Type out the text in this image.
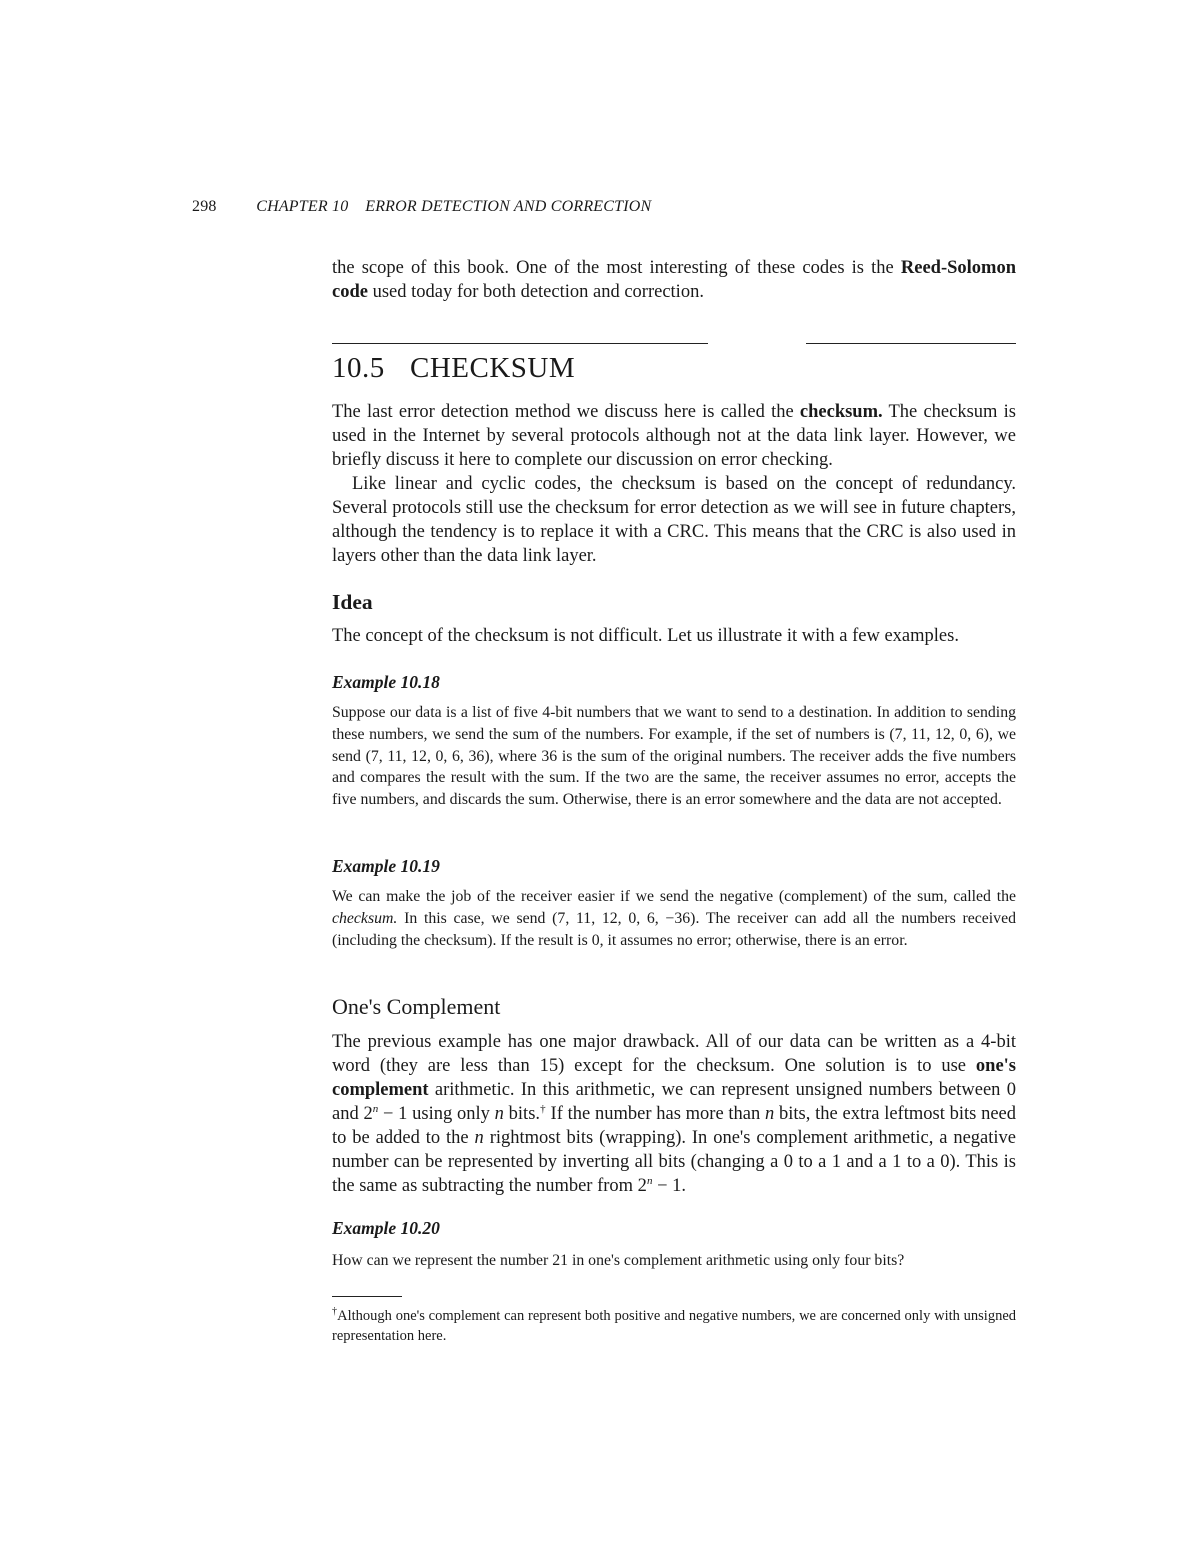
298 CHAPTER 10 ERROR DETECTION AND CORRECTION

the scope of this book. One of the most interesting of these codes is the Reed-Solomon code used today for both detection and correction.

10.5 CHECKSUM

The last error detection method we discuss here is called the checksum. The checksum is used in the Internet by several protocols although not at the data link layer. However, we briefly discuss it here to complete our discussion on error checking.

Like linear and cyclic codes, the checksum is based on the concept of redundancy. Several protocols still use the checksum for error detection as we will see in future chapters, although the tendency is to replace it with a CRC. This means that the CRC is also used in layers other than the data link layer.

Idea

The concept of the checksum is not difficult. Let us illustrate it with a few examples.

Example 10.18

Suppose our data is a list of five 4-bit numbers that we want to send to a destination. In addition to sending these numbers, we send the sum of the numbers. For example, if the set of numbers is (7, 11, 12, 0, 6), we send (7, 11, 12, 0, 6, 36), where 36 is the sum of the original numbers. The receiver adds the five numbers and compares the result with the sum. If the two are the same, the receiver assumes no error, accepts the five numbers, and discards the sum. Otherwise, there is an error somewhere and the data are not accepted.

Example 10.19

We can make the job of the receiver easier if we send the negative (complement) of the sum, called the checksum. In this case, we send (7, 11, 12, 0, 6, −36). The receiver can add all the numbers received (including the checksum). If the result is 0, it assumes no error; otherwise, there is an error.

One's Complement

The previous example has one major drawback. All of our data can be written as a 4-bit word (they are less than 15) except for the checksum. One solution is to use one's complement arithmetic. In this arithmetic, we can represent unsigned numbers between 0 and $2^n - 1$ using only n bits.† If the number has more than n bits, the extra leftmost bits need to be added to the n rightmost bits (wrapping). In one's complement arithmetic, a negative number can be represented by inverting all bits (changing a 0 to a 1 and a 1 to a 0). This is the same as subtracting the number from $2^n - 1$.

Example 10.20

How can we represent the number 21 in one's complement arithmetic using only four bits?

†Although one's complement can represent both positive and negative numbers, we are concerned only with unsigned representation here.
